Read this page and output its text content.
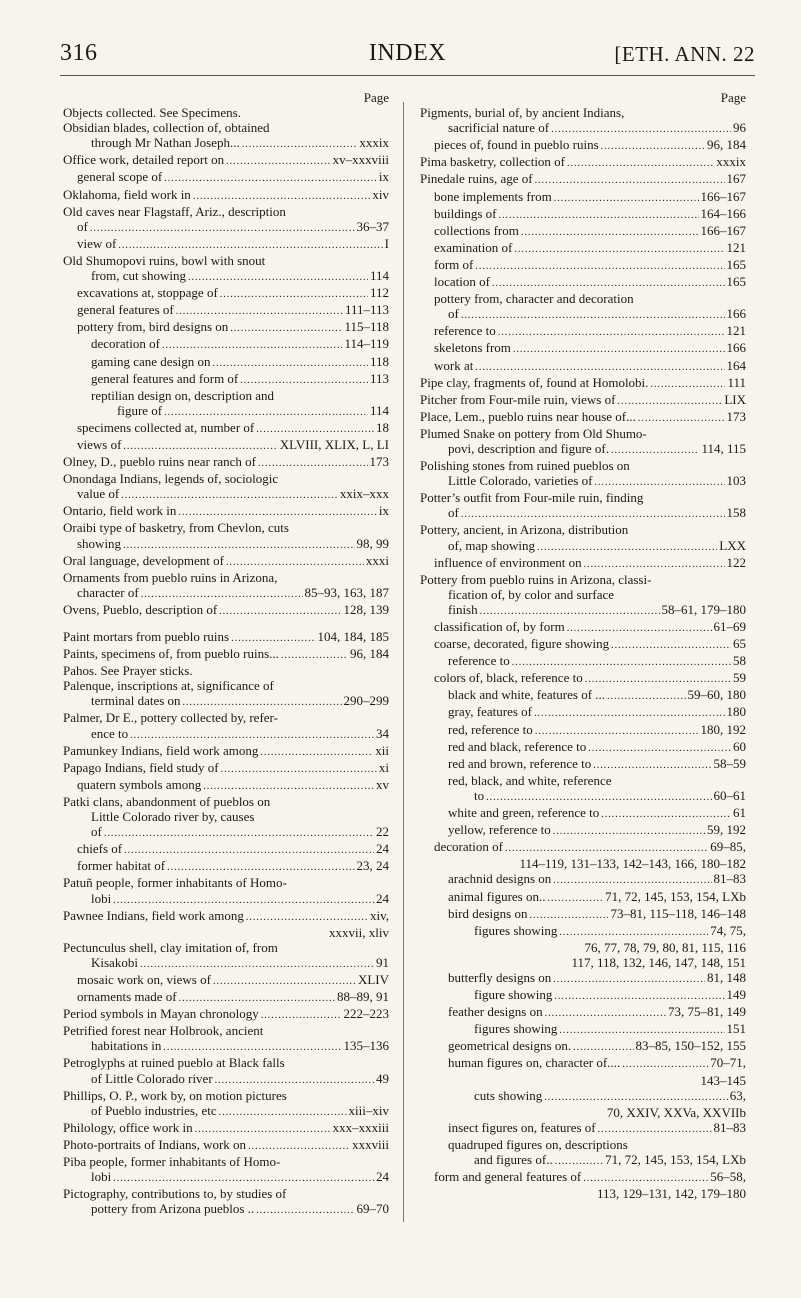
316	INDEX	[ETH. ANN. 22
Page
Objects collected. See Specimens.
Obsidian blades, collection of, obtained
through Mr Nathan Joseph... .....	xxxix
Office work, detailed report on .....	xv–xxxviii
general scope of .....	ix
Oklahoma, field work in .....	xiv
Old caves near Flagstaff, Ariz., description
of .....	36–37
view of .....	I
Old Shumopovi ruins, bowl with snout
from, cut showing .....	114
excavations at, stoppage of .....	112
general features of .....	111–113
pottery from, bird designs on .....	115–118
decoration of .....	114–119
gaming cane design on .....	118
general features and form of .....	113
reptilian design on, description and
figure of .....	114
specimens collected at, number of .....	18
views of .....	XLVIII, XLIX, L, LI
Olney, D., pueblo ruins near ranch of .....	173
Onondaga Indians, legends of, sociologic
value of .....	xxix–xxx
Ontario, field work in .....	ix
Oraibi type of basketry, from Chevlon, cuts
showing .....	98, 99
Oral language, development of .....	xxxi
Ornaments from pueblo ruins in Arizona,
character of .....	85–93, 163, 187
Ovens, Pueblo, description of .....	128, 139
Paint mortars from pueblo ruins .....	104, 184, 185
Paints, specimens of, from pueblo ruins... .....	96, 184
Pahos. See Prayer sticks.
Palenque, inscriptions at, significance of
terminal dates on .....	290–299
Palmer, Dr E., pottery collected by, refer-
ence to .....	34
Pamunkey Indians, field work among .....	xii
Papago Indians, field study of .....	xi
quatern symbols among .....	xv
Patki clans, abandonment of pueblos on
Little Colorado river by, causes
of .....	22
chiefs of .....	24
former habitat of .....	23, 24
Patuñ people, former inhabitants of Homo-
lobi .....	24
Pawnee Indians, field work among .....	xiv,
xxxvii, xliv
Pectunculus shell, clay imitation of, from
Kisakobi .....	91
mosaic work on, views of .....	XLIV
ornaments made of .....	88–89, 91
Period symbols in Mayan chronology .....	222–223
Petrified forest near Holbrook, ancient
habitations in .....	135–136
Petroglyphs at ruined pueblo at Black falls
of Little Colorado river .....	49
Phillips, O. P., work by, on motion pictures
of Pueblo industries, etc .....	xiii–xiv
Philology, office work in .....	xxx–xxxiii
Photo-portraits of Indians, work on .....	xxxviii
Piba people, former inhabitants of Homo-
lobi .....	24
Pictography, contributions to, by studies of
pottery from Arizona pueblos .. .....	69–70
Page
Pigments, burial of, by ancient Indians,
sacrificial nature of .....	96
pieces of, found in pueblo ruins .....	96, 184
Pima basketry, collection of .....	xxxix
Pinedale ruins, age of .....	167
bone implements from .....	166–167
buildings of .....	164–166
collections from .....	166–167
examination of .....	121
form of .....	165
location of .....	165
pottery from, character and decoration
of .....	166
reference to .....	121
skeletons from .....	166
work at .....	164
Pipe clay, fragments of, found at Homolobi. .....	111
Pitcher from Four-mile ruin, views of .....	LIX
Place, Lem., pueblo ruins near house of... .....	173
Plumed Snake on pottery from Old Shumo-
povi, description and figure of. .....	114, 115
Polishing stones from ruined pueblos on
Little Colorado, varieties of .....	103
Potter’s outfit from Four-mile ruin, finding
of .....	158
Pottery, ancient, in Arizona, distribution
of, map showing .....	LXX
influence of environment on .....	122
Pottery from pueblo ruins in Arizona, classi-
fication of, by color and surface
finish .....	58–61, 179–180
classification of, by form .....	61–69
coarse, decorated, figure showing .....	65
reference to .....	58
colors of, black, reference to .....	59
black and white, features of ... .....	59–60, 180
gray, features of .....	180
red, reference to .....	180, 192
red and black, reference to .....	60
red and brown, reference to .....	58–59
red, black, and white, reference
to .....	60–61
white and green, reference to .....	61
yellow, reference to .....	59, 192
decoration of .....	69–85,
114–119, 131–133, 142–143, 166, 180–182
arachnid designs on .....	81–83
animal figures on.. .....	71, 72, 145, 153, 154, LXb
bird designs on .....	73–81, 115–118, 146–148
figures showing .....	74, 75,
76, 77, 78, 79, 80, 81, 115, 116
117, 118, 132, 146, 147, 148, 151
butterfly designs on .....	81, 148
figure showing .....	149
feather designs on .....	73, 75–81, 149
figures showing .....	151
geometrical designs on. .....	83–85, 150–152, 155
human figures on, character of.... .....	70–71,
143–145
cuts showing .....	63,
70, XXIV, XXVa, XXVIIb
insect figures on, features of .....	81–83
quadruped figures on, descriptions
and figures of.. .....	71, 72, 145, 153, 154, LXb
form and general features of .....	56–58,
113, 129–131, 142, 179–180
